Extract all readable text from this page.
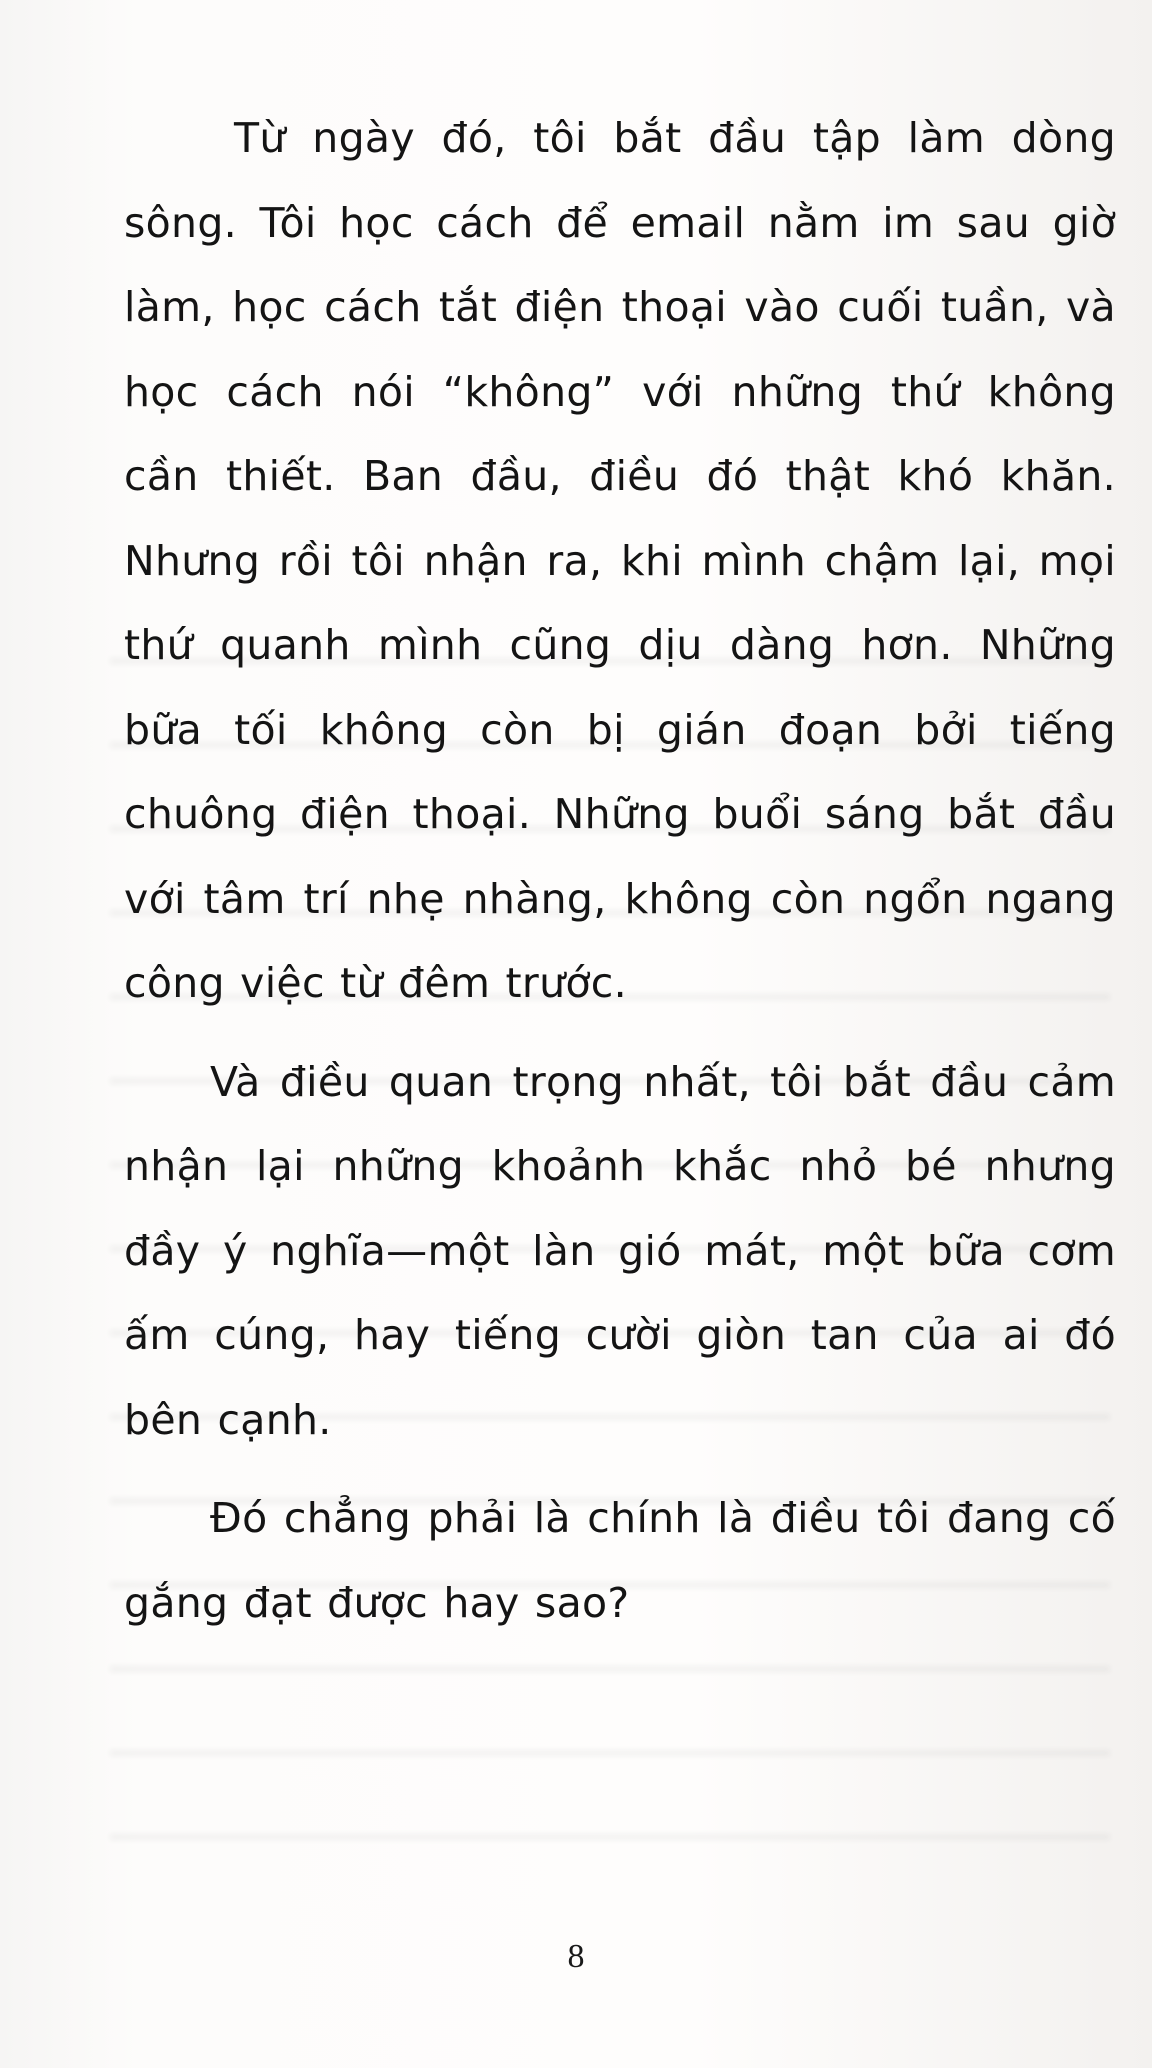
Từ ngày đó, tôi bắt đầu tập làm dòng sông. Tôi học cách để email nằm im sau giờ làm, học cách tắt điện thoại vào cuối tuần, và học cách nói “không” với những thứ không cần thiết. Ban đầu, điều đó thật khó khăn. Nhưng rồi tôi nhận ra, khi mình chậm lại, mọi thứ quanh mình cũng dịu dàng hơn. Những bữa tối không còn bị gián đoạn bởi tiếng chuông điện thoại. Những buổi sáng bắt đầu với tâm trí nhẹ nhàng, không còn ngổn ngang công việc từ đêm trước.

Và điều quan trọng nhất, tôi bắt đầu cảm nhận lại những khoảnh khắc nhỏ bé nhưng đầy ý nghĩa—một làn gió mát, một bữa cơm ấm cúng, hay tiếng cười giòn tan của ai đó bên cạnh.

Đó chẳng phải là chính là điều tôi đang cố gắng đạt được hay sao?

8
